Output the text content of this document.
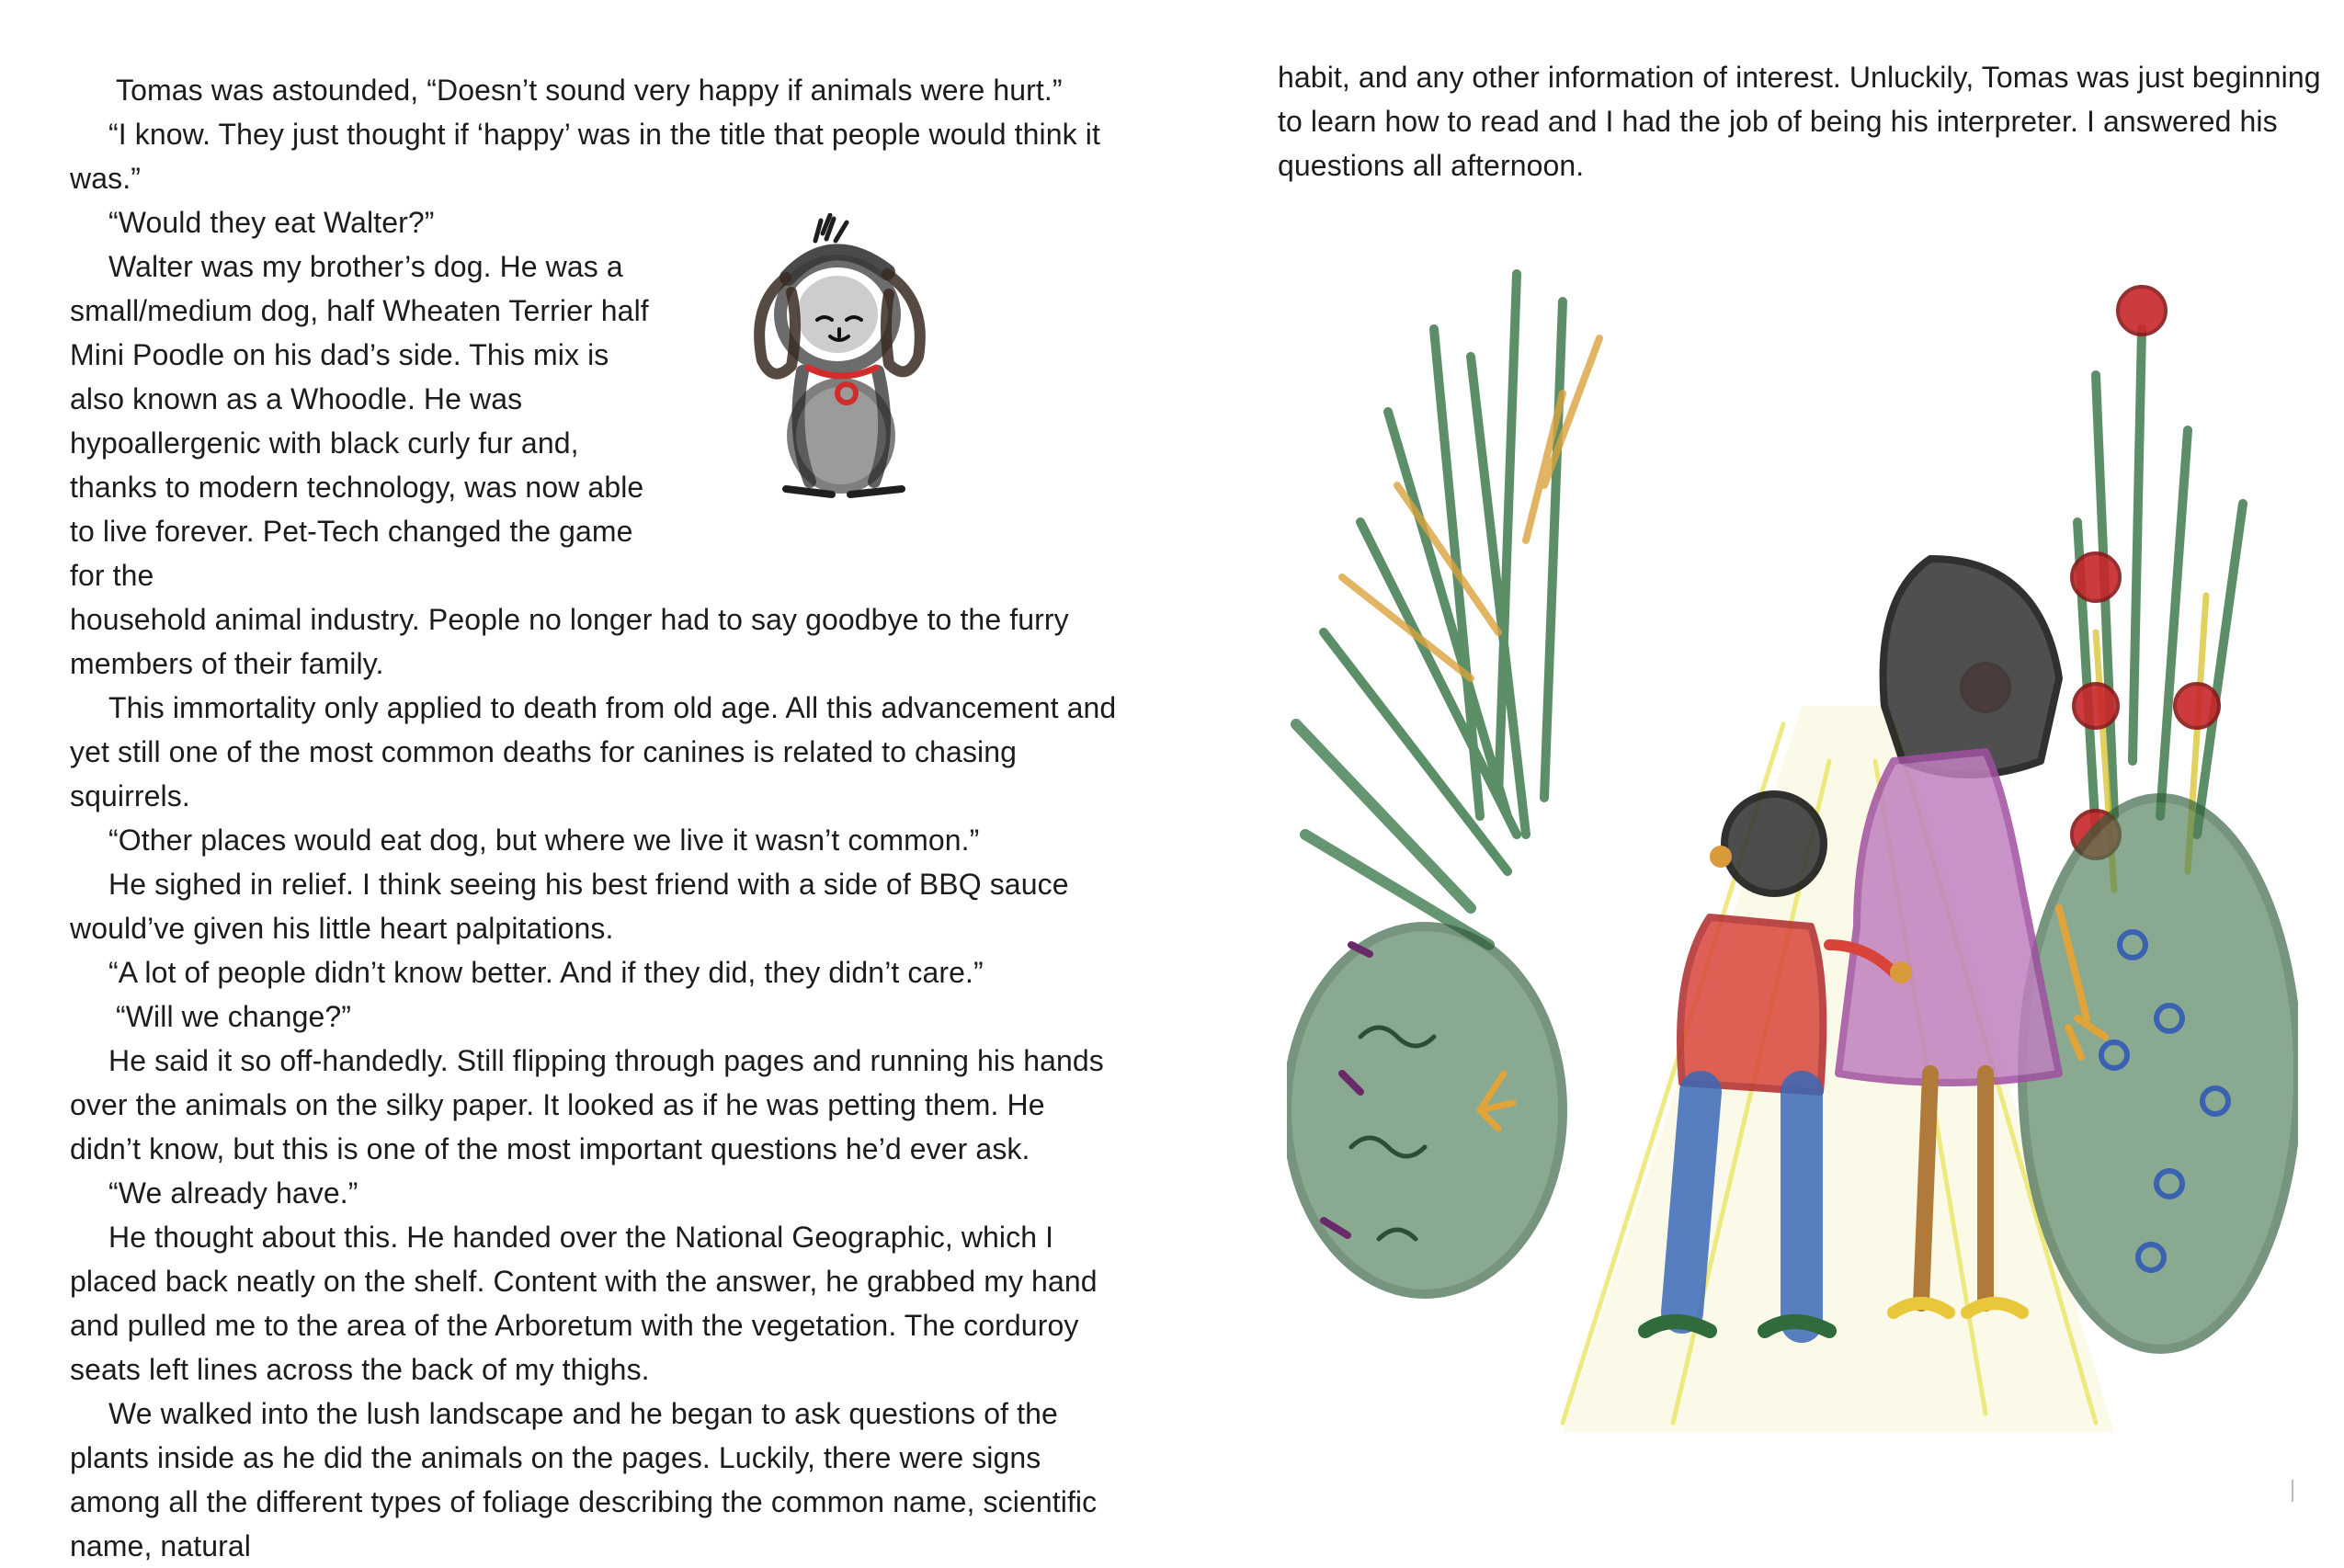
Tomas was astounded, “Doesn’t sound very happy if animals were hurt.”

“I know. They just thought if ‘happy’ was in the title that people would think it was.”

“Would they eat Walter?”

Walter was my brother’s dog. He was a small/medium dog, half Wheaten Terrier half Mini Poodle on his dad’s side. This mix is also known as a Whoodle. He was hypoallergenic with black curly fur and, thanks to modern technology, was now able to live forever. Pet-Tech changed the game for the

household animal industry. People no longer had to say goodbye to the furry members of their family.

This immortality only applied to death from old age. All this advancement and yet still one of the most common deaths for canines is related to chasing squirrels.

“Other places would eat dog, but where we live it wasn’t common.”

He sighed in relief. I think seeing his best friend with a side of BBQ sauce would’ve given his little heart palpitations.

“A lot of people didn’t know better. And if they did, they didn’t care.”

“Will we change?”

He said it so off-handedly. Still flipping through pages and running his hands over the animals on the silky paper. It looked as if he was petting them. He didn’t know, but this is one of the most important questions he’d ever ask.

“We already have.”

He thought about this. He handed over the National Geographic, which I placed back neatly on the shelf. Content with the answer, he grabbed my hand and pulled me to the area of the Arboretum with the vegetation. The corduroy seats left lines across the back of my thighs.

We walked into the lush landscape and he began to ask questions of the plants inside as he did the animals on the pages. Luckily, there were signs among all the different types of foliage describing the common name, scientific name, natural

habit, and any other information of interest. Unluckily, Tomas was just beginning to learn how to read and I had the job of being his interpreter. I answered his questions all afternoon.
